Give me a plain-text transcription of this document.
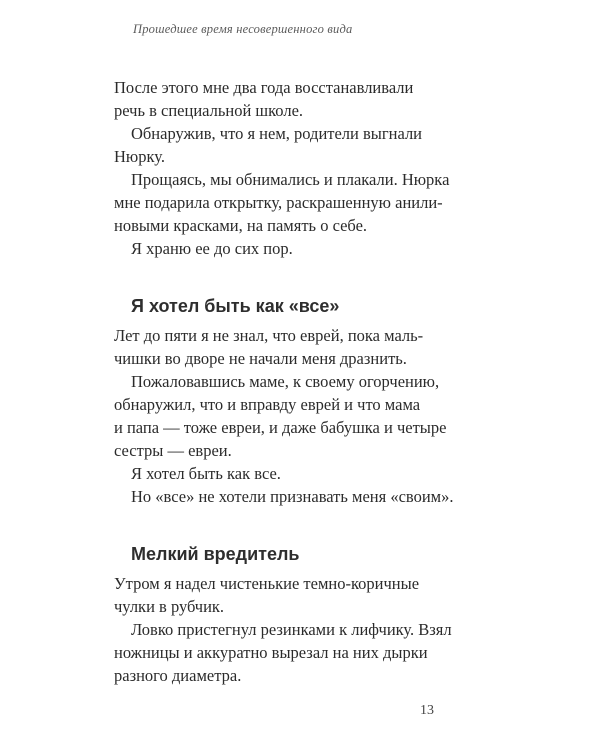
Прошедшее время несовершенного вида
После этого мне два года восстанавливали
речь в специальной школе.
Обнаружив, что я нем, родители выгнали
Нюрку.
Прощаясь, мы обнимались и плакали. Нюрка
мне подарила открытку, раскрашенную анили-
новыми красками, на память о себе.
Я храню ее до сих пор.
Я хотел быть как «все»
Лет до пяти я не знал, что еврей, пока маль-
чишки во дворе не начали меня дразнить.
Пожаловавшись маме, к своему огорчению,
обнаружил, что и вправду еврей и что мама
и папа — тоже евреи, и даже бабушка и четыре
сестры — евреи.
Я хотел быть как все.
Но «все» не хотели признавать меня «своим».
Мелкий вредитель
Утром я надел чистенькие темно-коричные
чулки в рубчик.
Ловко пристегнул резинками к лифчику. Взял
ножницы и аккуратно вырезал на них дырки
разного диаметра.
13
